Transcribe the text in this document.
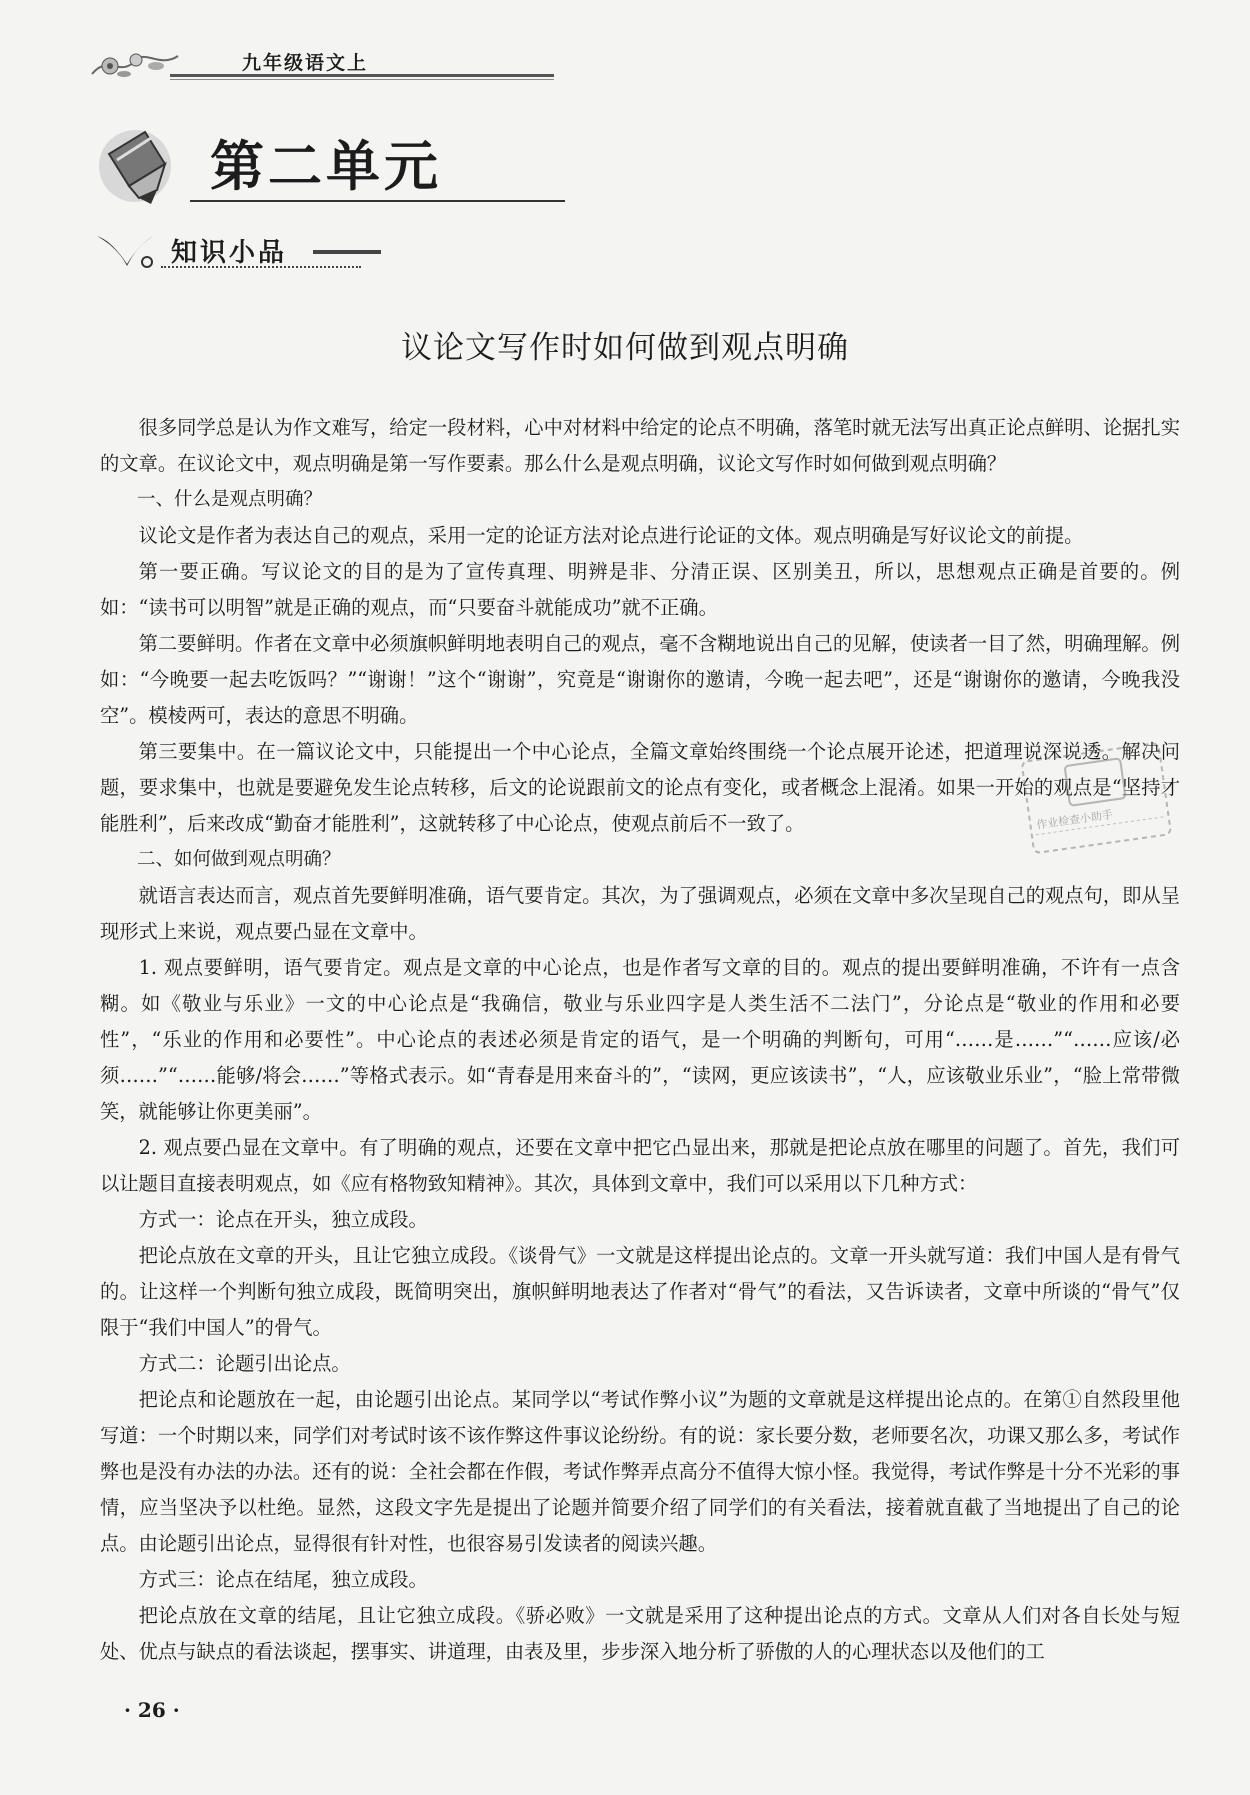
九年级语文上
第二单元
知识小品
议论文写作时如何做到观点明确

很多同学总是认为作文难写，给定一段材料，心中对材料中给定的论点不明确，落笔时就无法写出真正论点鲜明、论据扎实的文章。在议论文中，观点明确是第一写作要素。那么什么是观点明确，议论文写作时如何做到观点明确？

一、什么是观点明确？

议论文是作者为表达自己的观点，采用一定的论证方法对论点进行论证的文体。观点明确是写好议论文的前提。

第一要正确。写议论文的目的是为了宣传真理、明辨是非、分清正误、区别美丑，所以，思想观点正确是首要的。例如：“读书可以明智”就是正确的观点，而“只要奋斗就能成功”就不正确。

第二要鲜明。作者在文章中必须旗帜鲜明地表明自己的观点，毫不含糊地说出自己的见解，使读者一目了然，明确理解。例如：“今晚要一起去吃饭吗？”“谢谢！”这个“谢谢”，究竟是“谢谢你的邀请，今晚一起去吧”，还是“谢谢你的邀请，今晚我没空”。模棱两可，表达的意思不明确。

第三要集中。在一篇议论文中，只能提出一个中心论点，全篇文章始终围绕一个论点展开论述，把道理说深说透。解决问题，要求集中，也就是要避免发生论点转移，后文的论说跟前文的论点有变化，或者概念上混淆。如果一开始的观点是“坚持才能胜利”，后来改成“勤奋才能胜利”，这就转移了中心论点，使观点前后不一致了。

二、如何做到观点明确？

就语言表达而言，观点首先要鲜明准确，语气要肯定。其次，为了强调观点，必须在文章中多次呈现自己的观点句，即从呈现形式上来说，观点要凸显在文章中。

1. 观点要鲜明，语气要肯定。观点是文章的中心论点，也是作者写文章的目的。观点的提出要鲜明准确，不许有一点含糊。如《敬业与乐业》一文的中心论点是“我确信，敬业与乐业四字是人类生活不二法门”，分论点是“敬业的作用和必要性”，“乐业的作用和必要性”。中心论点的表述必须是肯定的语气，是一个明确的判断句，可用“……是……”“……应该/必须……”“……能够/将会……”等格式表示。如“青春是用来奋斗的”，“读网，更应该读书”，“人，应该敬业乐业”，“脸上常带微笑，就能够让你更美丽”。

2. 观点要凸显在文章中。有了明确的观点，还要在文章中把它凸显出来，那就是把论点放在哪里的问题了。首先，我们可以让题目直接表明观点，如《应有格物致知精神》。其次，具体到文章中，我们可以采用以下几种方式：

方式一：论点在开头，独立成段。

把论点放在文章的开头，且让它独立成段。《谈骨气》一文就是这样提出论点的。文章一开头就写道：我们中国人是有骨气的。让这样一个判断句独立成段，既简明突出，旗帜鲜明地表达了作者对“骨气”的看法，又告诉读者，文章中所谈的“骨气”仅限于“我们中国人”的骨气。

方式二：论题引出论点。

把论点和论题放在一起，由论题引出论点。某同学以“考试作弊小议”为题的文章就是这样提出论点的。在第①自然段里他写道：一个时期以来，同学们对考试时该不该作弊这件事议论纷纷。有的说：家长要分数，老师要名次，功课又那么多，考试作弊也是没有办法的办法。还有的说：全社会都在作假，考试作弊弄点高分不值得大惊小怪。我觉得，考试作弊是十分不光彩的事情，应当坚决予以杜绝。显然，这段文字先是提出了论题并简要介绍了同学们的有关看法，接着就直截了当地提出了自己的论点。由论题引出论点，显得很有针对性，也很容易引发读者的阅读兴趣。

方式三：论点在结尾，独立成段。

把论点放在文章的结尾，且让它独立成段。《骄必败》一文就是采用了这种提出论点的方式。文章从人们对各自长处与短处、优点与缺点的看法谈起，摆事实、讲道理，由表及里，步步深入地分析了骄傲的人的心理状态以及他们的工

作业检查小助手
· 26 ·
